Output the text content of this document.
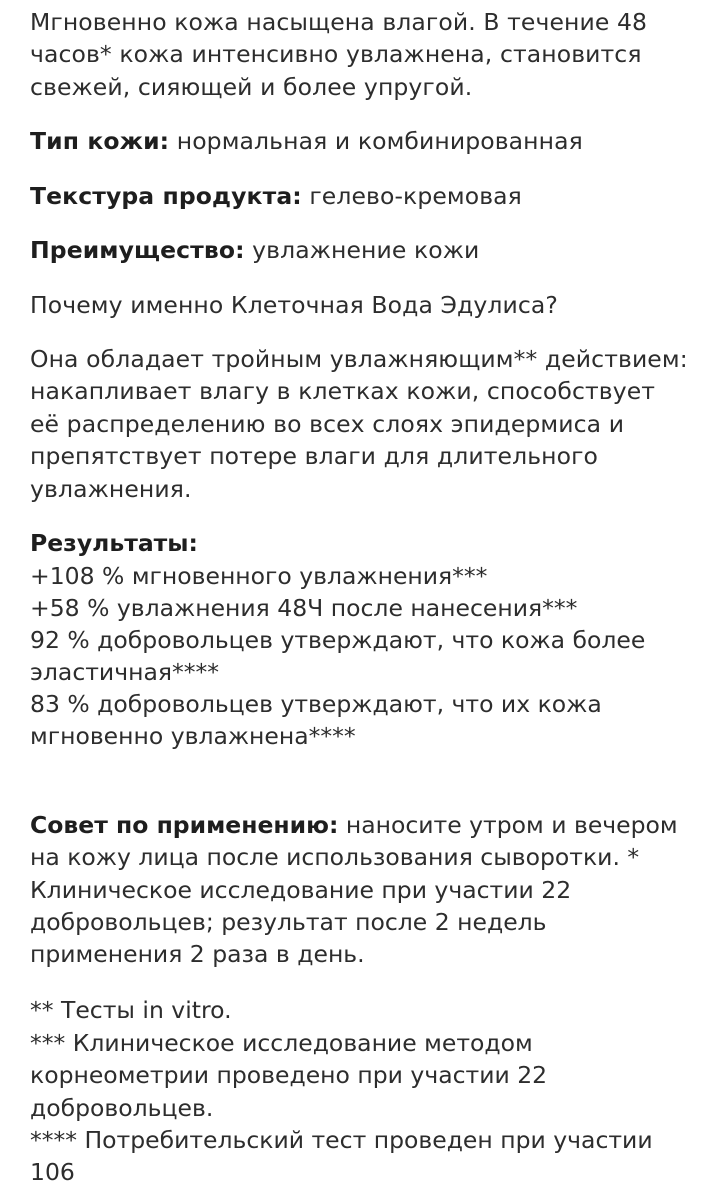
Мгновенно кожа насыщена влагой. В течение 48 часов* кожа интенсивно увлажнена, становится свежей, сияющей и более упругой.

Тип кожи: нормальная и комбинированная

Текстура продукта: гелево-кремовая

Преимущество: увлажнение кожи

Почему именно Клеточная Вода Эдулиса?

Она обладает тройным увлажняющим** действием: накапливает влагу в клетках кожи, способствует её распределению во всех слоях эпидермиса и препятствует потере влаги для длительного увлажнения.

Результаты:

+108 % мгновенного увлажнения***

+58 % увлажнения 48Ч после нанесения***

92 % добровольцев утверждают, что кожа более эластичная****

83 % добровольцев утверждают, что их кожа мгновенно увлажнена****

Совет по применению: наносите утром и вечером на кожу лица после использования сыворотки. * Клиническое исследование при участии 22 добровольцев; результат после 2 недель применения 2 раза в день.

** Тесты in vitro.

*** Клиническое исследование методом корнеометрии проведено при участии 22 добровольцев.

**** Потребительский тест проведен при участии 106
